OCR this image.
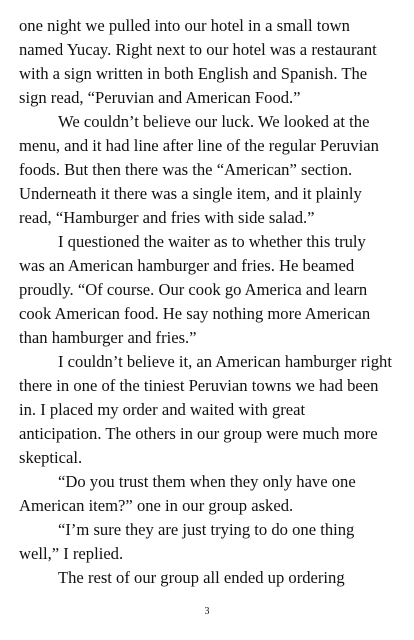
one night we pulled into our hotel in a small town
named Yucay. Right next to our hotel was a restaurant
with a sign written in both English and Spanish. The
sign read, “Peruvian and American Food.”
We couldn’t believe our luck. We looked at the
menu, and it had line after line of the regular Peruvian
foods. But then there was the “American” section.
Underneath it there was a single item, and it plainly
read, “Hamburger and fries with side salad.”
I questioned the waiter as to whether this truly
was an American hamburger and fries. He beamed
proudly. “Of course. Our cook go America and learn
cook American food. He say nothing more American
than hamburger and fries.”
I couldn’t believe it, an American hamburger right
there in one of the tiniest Peruvian towns we had been
in. I placed my order and waited with great
anticipation. The others in our group were much more
skeptical.
“Do you trust them when they only have one
American item?” one in our group asked.
“I’m sure they are just trying to do one thing
well,” I replied.
The rest of our group all ended up ordering
3
